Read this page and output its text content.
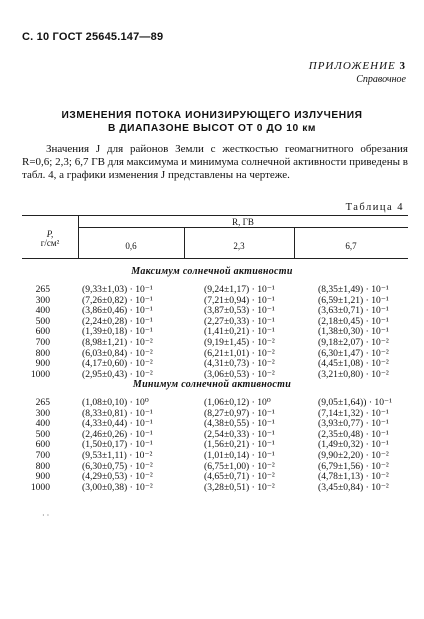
С. 10 ГОСТ 25645.147—89
ПРИЛОЖЕНИЕ 3
Справочное
ИЗМЕНЕНИЯ ПОТОКА ИОНИЗИРУЮЩЕГО ИЗЛУЧЕНИЯ
В ДИАПАЗОНЕ ВЫСОТ ОТ 0 ДО 10 км
Значения J для районов Земли с жесткостью геомагнитного обрезания R=0,6; 2,3; 6,7 ГВ для максимума и минимума солнечной активности приведены в табл. 4, а графики изменения J представлены на чертеже.
Таблица 4
P,
г/см²
R, ГВ
0,6	2,3	6,7
Максимум солнечной активности
265	(9,33±1,03) · 10⁻¹	(9,24±1,17) · 10⁻¹	(8,35±1,49) · 10⁻¹
300	(7,26±0,82) · 10⁻¹	(7,21±0,94) · 10⁻¹	(6,59±1,21) · 10⁻¹
400	(3,86±0,46) · 10⁻¹	(3,87±0,53) · 10⁻¹	(3,63±0,71) · 10⁻¹
500	(2,24±0,28) · 10⁻¹	(2,27±0,33) · 10⁻¹	(2,18±0,45) · 10⁻¹
600	(1,39±0,18) · 10⁻¹	(1,41±0,21) · 10⁻¹	(1,38±0,30) · 10⁻¹
700	(8,98±1,21) · 10⁻²	(9,19±1,45) · 10⁻²	(9,18±2,07) · 10⁻²
800	(6,03±0,84) · 10⁻²	(6,21±1,01) · 10⁻²	(6,30±1,47) · 10⁻²
900	(4,17±0,60) · 10⁻²	(4,31±0,73) · 10⁻²	(4,45±1,08) · 10⁻²
1000	(2,95±0,43) · 10⁻²	(3,06±0,53) · 10⁻²	(3,21±0,80) · 10⁻²
Минимум солнечной активности
265	(1,08±0,10) · 10⁰	(1,06±0,12) · 10⁰	(9,05±1,64)) · 10⁻¹
300	(8,33±0,81) · 10⁻¹	(8,27±0,97) · 10⁻¹	(7,14±1,32) · 10⁻¹
400	(4,33±0,44) · 10⁻¹	(4,38±0,55) · 10⁻¹	(3,93±0,77) · 10⁻¹
500	(2,46±0,26) · 10⁻¹	(2,54±0,33) · 10⁻¹	(2,35±0,48) · 10⁻¹
600	(1,50±0,17) · 10⁻¹	(1,56±0,21) · 10⁻¹	(1,49±0,32) · 10⁻¹
700	(9,53±1,11) · 10⁻²	(1,01±0,14) · 10⁻¹	(9,90±2,20) · 10⁻²
800	(6,30±0,75) · 10⁻²	(6,75±1,00) · 10⁻²	(6,79±1,56) · 10⁻²
900	(4,29±0,53) · 10⁻²	(4,65±0,71) · 10⁻²	(4,78±1,13) · 10⁻²
1000	(3,00±0,38) · 10⁻²	(3,28±0,51) · 10⁻²	(3,45±0,84) · 10⁻²
· ·
